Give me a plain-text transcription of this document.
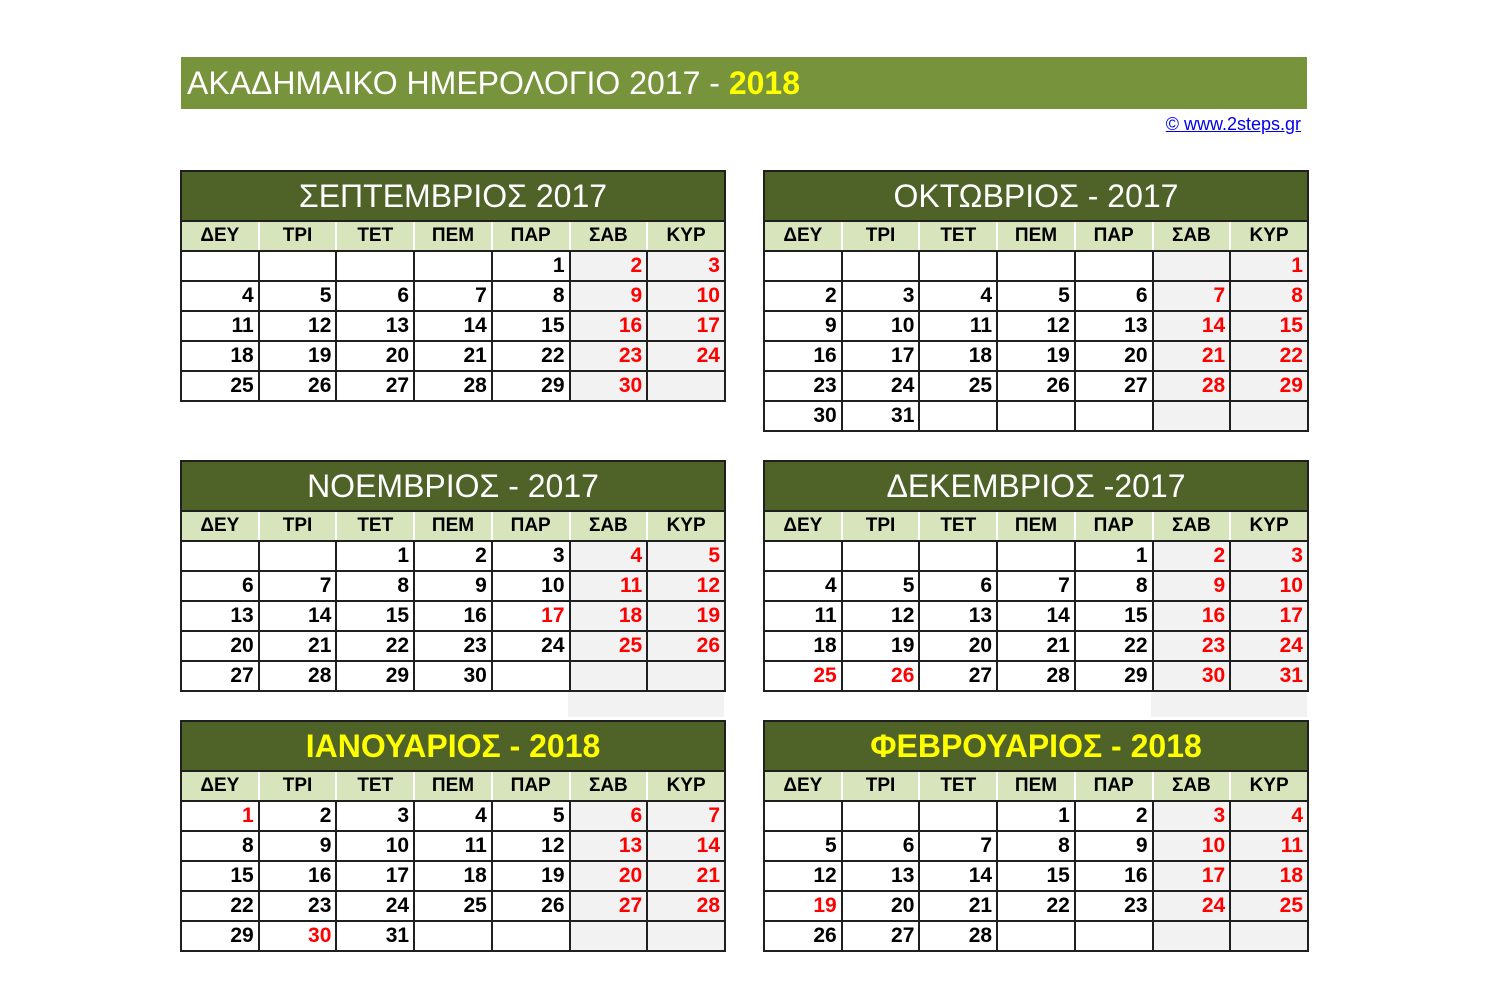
ΑΚΑΔΗΜΑΙΚΟ ΗΜΕΡΟΛΟΓΙΟ 2017 - 2018
© www.2steps.gr
ΣΕΠΤΕΜΒΡΙΟΣ 2017						
ΔΕΥ	ΤΡΙ	ΤΕΤ	ΠΕΜ	ΠΑΡ	ΣΑΒ	ΚΥΡ
				1	2	3
4	5	6	7	8	9	10
11	12	13	14	15	16	17
18	19	20	21	22	23	24
25	26	27	28	29	30	
ΟΚΤΩΒΡΙΟΣ - 2017						
ΔΕΥ	ΤΡΙ	ΤΕΤ	ΠΕΜ	ΠΑΡ	ΣΑΒ	ΚΥΡ
						1
2	3	4	5	6	7	8
9	10	11	12	13	14	15
16	17	18	19	20	21	22
23	24	25	26	27	28	29
30	31					
ΝΟΕΜΒΡΙΟΣ - 2017						
ΔΕΥ	ΤΡΙ	ΤΕΤ	ΠΕΜ	ΠΑΡ	ΣΑΒ	ΚΥΡ
		1	2	3	4	5
6	7	8	9	10	11	12
13	14	15	16	17	18	19
20	21	22	23	24	25	26
27	28	29	30			
ΔΕΚΕΜΒΡΙΟΣ -2017						
ΔΕΥ	ΤΡΙ	ΤΕΤ	ΠΕΜ	ΠΑΡ	ΣΑΒ	ΚΥΡ
				1	2	3
4	5	6	7	8	9	10
11	12	13	14	15	16	17
18	19	20	21	22	23	24
25	26	27	28	29	30	31
ΙΑΝΟΥΑΡΙΟΣ - 2018						
ΔΕΥ	ΤΡΙ	ΤΕΤ	ΠΕΜ	ΠΑΡ	ΣΑΒ	ΚΥΡ
1	2	3	4	5	6	7
8	9	10	11	12	13	14
15	16	17	18	19	20	21
22	23	24	25	26	27	28
29	30	31				
ΦΕΒΡΟΥΑΡΙΟΣ - 2018						
ΔΕΥ	ΤΡΙ	ΤΕΤ	ΠΕΜ	ΠΑΡ	ΣΑΒ	ΚΥΡ
			1	2	3	4
5	6	7	8	9	10	11
12	13	14	15	16	17	18
19	20	21	22	23	24	25
26	27	28				
